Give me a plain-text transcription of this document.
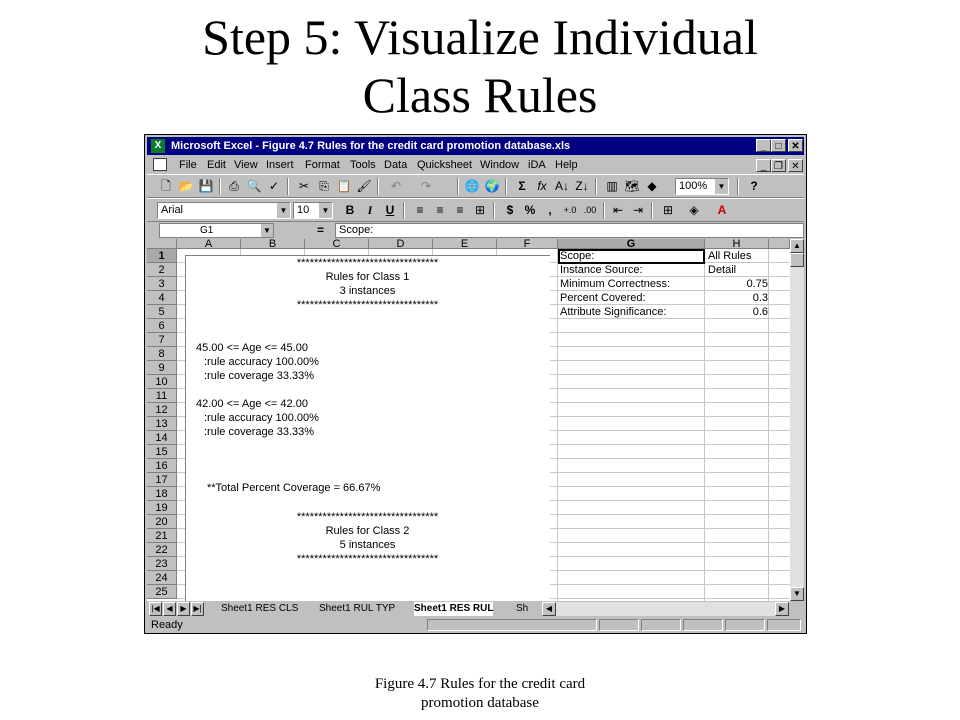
Step 5: Visualize Individual
Class Rules
X Microsoft Excel - Figure 4.7 Rules for the credit card promotion database.xls	_ □ ✕
File Edit View Insert Format Tools Data Quicksheet Window iDA Help	_ ❐ ✕
🗋 📂 💾	⎙ 🔍 ✓	✂ ⎘ 📋 🖌	↶	↷	🌐 🌍	Σ fx A↓ Z↓ ▥ 🗺 ◆	100%	▼	?
Arial	▼ 10	▼	B	I	U	≡	≡	≡ ⊞	$ %	,	+.0 .00	⇤ ⇥	⊞	◈	A
G1	▼	=	Scope:
A	B	C	D	E	F	G	H
1
2
3
4
5
6
7
8
9
10
11
12
13
14
15
16
17
18
19
20
21
22
23
24
25
*********************************
Rules for Class 1
3 instances
*********************************
45.00 <= Age <= 45.00
:rule accuracy 100.00%
:rule coverage 33.33%
42.00 <= Age <= 42.00
:rule accuracy 100.00%
:rule coverage 33.33%
**Total Percent Coverage = 66.67%
*********************************
Rules for Class 2
5 instances
*********************************
Scope:	All Rules
Instance Source:	Detail
Minimum Correctness:	0.75
Percent Covered:	0.3
Attribute Significance:	0.6
▲
▼
|◀ ◀ ▶ ▶| Sheet1 RES CLS Sheet1 RUL TYP Sheet1 RES RUL Sh	◀	▶
Ready
Figure 4.7 Rules for the credit card
promotion database
